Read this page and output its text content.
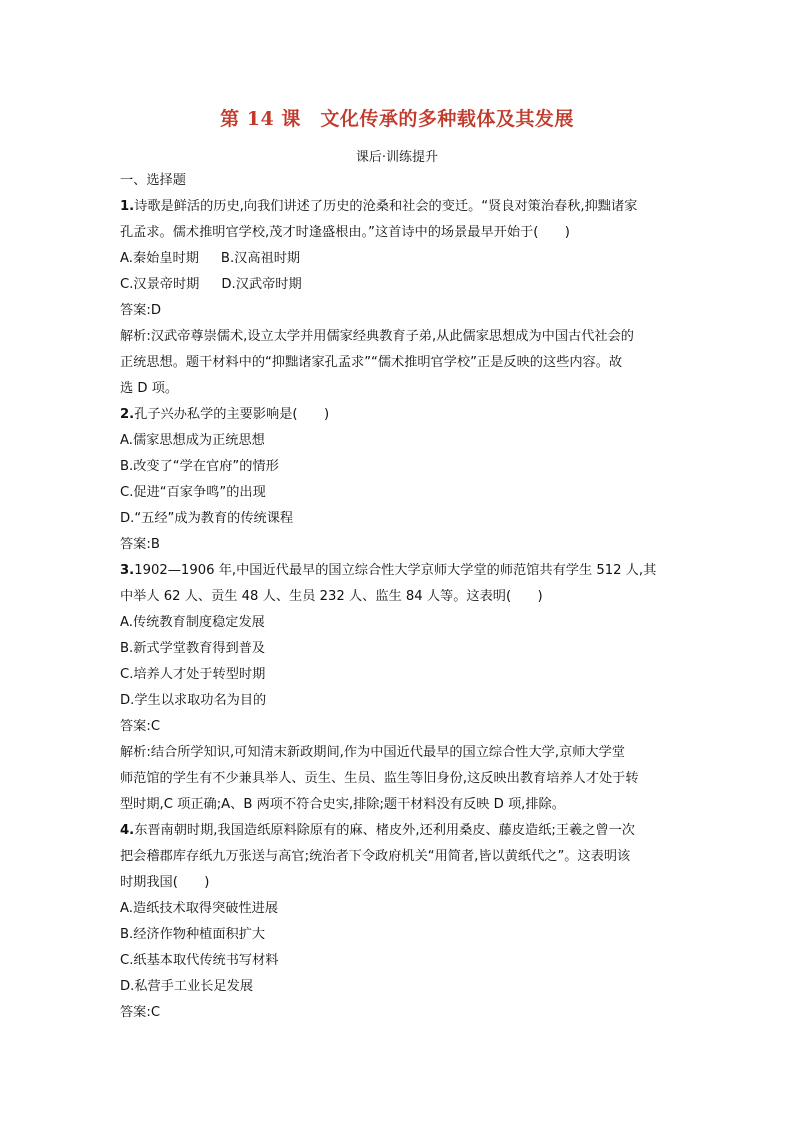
第 14 课　文化传承的多种载体及其发展
课后·训练提升
一、选择题
1.诗歌是鲜活的历史,向我们讲述了历史的沧桑和社会的变迁。“贤良对策治春秋,抑黜诸家
孔孟求。儒术推明官学校,茂才时逢盛根由。”这首诗中的场景最早开始于(　　)
A.秦始皇时期 B.汉高祖时期
C.汉景帝时期 D.汉武帝时期
答案:D
解析:汉武帝尊崇儒术,设立太学并用儒家经典教育子弟,从此儒家思想成为中国古代社会的
正统思想。题干材料中的“抑黜诸家孔孟求”“儒术推明官学校”正是反映的这些内容。故
选 D 项。
2.孔子兴办私学的主要影响是(　　)
A.儒家思想成为正统思想
B.改变了“学在官府”的情形
C.促进“百家争鸣”的出现
D.“五经”成为教育的传统课程
答案:B
3.1902—1906 年,中国近代最早的国立综合性大学京师大学堂的师范馆共有学生 512 人,其
中举人 62 人、贡生 48 人、生员 232 人、监生 84 人等。这表明(　　)
A.传统教育制度稳定发展
B.新式学堂教育得到普及
C.培养人才处于转型时期
D.学生以求取功名为目的
答案:C
解析:结合所学知识,可知清末新政期间,作为中国近代最早的国立综合性大学,京师大学堂
师范馆的学生有不少兼具举人、贡生、生员、监生等旧身份,这反映出教育培养人才处于转
型时期,C 项正确;A、B 两项不符合史实,排除;题干材料没有反映 D 项,排除。
4.东晋南朝时期,我国造纸原料除原有的麻、楮皮外,还利用桑皮、藤皮造纸;王羲之曾一次
把会稽郡库存纸九万张送与高官;统治者下令政府机关“用简者,皆以黄纸代之”。这表明该
时期我国(　　)
A.造纸技术取得突破性进展
B.经济作物种植面积扩大
C.纸基本取代传统书写材料
D.私营手工业长足发展
答案:C
